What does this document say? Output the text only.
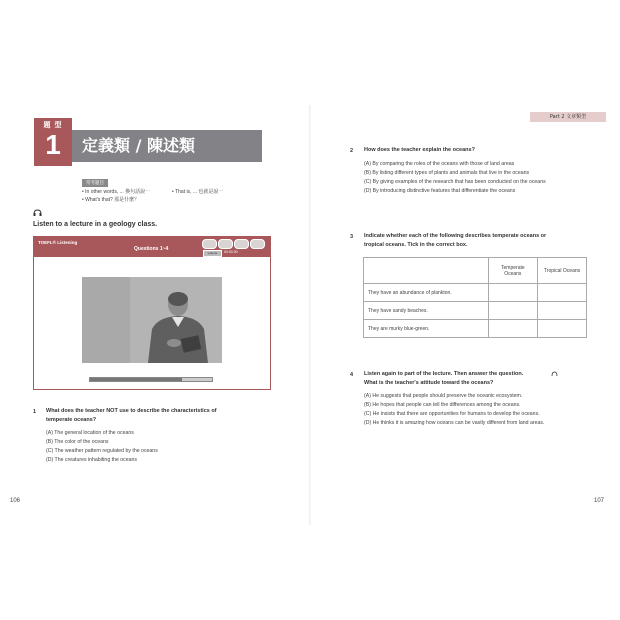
題 型
1	定義類 / 陳述類
常考題目
• In other words, ... 換句話說⋯	• That is, ... 也就是說⋯
• What's that? 那是什麼？
Listen to a lecture in a geology class.
TOEFL® Listening
Questions 1~4
volume	00:00:30
1 What does the teacher NOT use to describe the characteristics of
temperate oceans?
(A) The general location of the oceans
(B) The color of the oceans
(C) The weather pattern regulated by the oceans
(D) The creatures inhabiting the oceans
106
Part 2 文章類型
2 How does the teacher explain the oceans?
(A) By comparing the roles of the oceans with those of land areas
(B) By listing different types of plants and animals that live in the oceans
(C) By giving examples of the research that has been conducted on the oceans
(D) By introducing distinctive features that differentiate the oceans
3 Indicate whether each of the following describes temperate oceans or
tropical oceans. Tick in the correct box.
	Temperate Oceans	Tropical Oceans
They have an abundance of plankton.		
They have sandy beaches.		
They are murky blue-green.		
4 Listen again to part of the lecture. Then answer the question.
What is the teacher's attitude toward the oceans?
(A) He suggests that people should preserve the oceanic ecosystem.
(B) He hopes that people can tell the differences among the oceans.
(C) He insists that there are opportunities for humans to develop the oceans.
(D) He thinks it is amazing how oceans can be vastly different from land areas.
107
